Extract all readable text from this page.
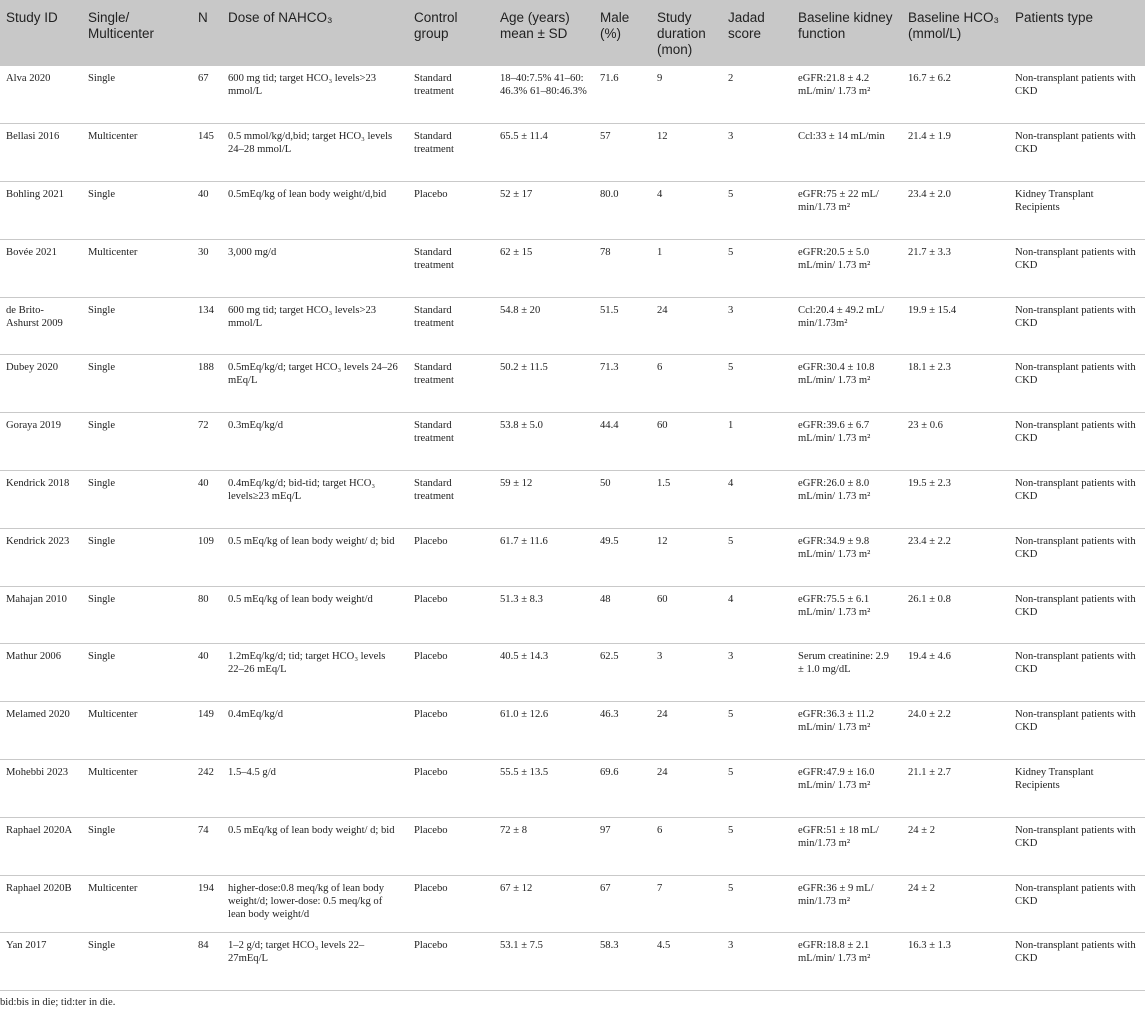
Study ID	Single/ Multicenter	N	Dose of NAHCO₃	Control group	Age (years) mean ± SD	Male (%)	Study duration (mon)	Jadad score	Baseline kidney function	Baseline HCO₃ (mmol/L)	Patients type
Alva 2020	Single	67	600 mg tid; target HCO₃ levels>23 mmol/L	Standard treatment	18–40:7.5% 41–60: 46.3% 61–80:46.3%	71.6	9	2	eGFR:21.8 ± 4.2 mL/min/ 1.73 m²	16.7 ± 6.2	Non-transplant patients with CKD
Bellasi 2016	Multicenter	145	0.5 mmol/kg/d,bid; target HCO₃ levels 24–28 mmol/L	Standard treatment	65.5 ± 11.4	57	12	3	Ccl:33 ± 14 mL/min	21.4 ± 1.9	Non-transplant patients with CKD
Bohling 2021	Single	40	0.5mEq/kg of lean body weight/d,bid	Placebo	52 ± 17	80.0	4	5	eGFR:75 ± 22 mL/ min/1.73 m²	23.4 ± 2.0	Kidney Transplant Recipients
Bovée 2021	Multicenter	30	3,000 mg/d	Standard treatment	62 ± 15	78	1	5	eGFR:20.5 ± 5.0 mL/min/ 1.73 m²	21.7 ± 3.3	Non-transplant patients with CKD
de Brito-Ashurst 2009	Single	134	600 mg tid; target HCO₃ levels>23 mmol/L	Standard treatment	54.8 ± 20	51.5	24	3	Ccl:20.4 ± 49.2 mL/ min/1.73m²	19.9 ± 15.4	Non-transplant patients with CKD
Dubey 2020	Single	188	0.5mEq/kg/d; target HCO₃ levels 24–26 mEq/L	Standard treatment	50.2 ± 11.5	71.3	6	5	eGFR:30.4 ± 10.8 mL/min/ 1.73 m²	18.1 ± 2.3	Non-transplant patients with CKD
Goraya 2019	Single	72	0.3mEq/kg/d	Standard treatment	53.8 ± 5.0	44.4	60	1	eGFR:39.6 ± 6.7 mL/min/ 1.73 m²	23 ± 0.6	Non-transplant patients with CKD
Kendrick 2018	Single	40	0.4mEq/kg/d; bid-tid; target HCO₃ levels≥23 mEq/L	Standard treatment	59 ± 12	50	1.5	4	eGFR:26.0 ± 8.0 mL/min/ 1.73 m²	19.5 ± 2.3	Non-transplant patients with CKD
Kendrick 2023	Single	109	0.5 mEq/kg of lean body weight/ d; bid	Placebo	61.7 ± 11.6	49.5	12	5	eGFR:34.9 ± 9.8 mL/min/ 1.73 m²	23.4 ± 2.2	Non-transplant patients with CKD
Mahajan 2010	Single	80	0.5 mEq/kg of lean body weight/d	Placebo	51.3 ± 8.3	48	60	4	eGFR:75.5 ± 6.1 mL/min/ 1.73 m²	26.1 ± 0.8	Non-transplant patients with CKD
Mathur 2006	Single	40	1.2mEq/kg/d; tid; target HCO₃ levels 22–26 mEq/L	Placebo	40.5 ± 14.3	62.5	3	3	Serum creatinine: 2.9 ± 1.0 mg/dL	19.4 ± 4.6	Non-transplant patients with CKD
Melamed 2020	Multicenter	149	0.4mEq/kg/d	Placebo	61.0 ± 12.6	46.3	24	5	eGFR:36.3 ± 11.2 mL/min/ 1.73 m²	24.0 ± 2.2	Non-transplant patients with CKD
Mohebbi 2023	Multicenter	242	1.5–4.5 g/d	Placebo	55.5 ± 13.5	69.6	24	5	eGFR:47.9 ± 16.0 mL/min/ 1.73 m²	21.1 ± 2.7	Kidney Transplant Recipients
Raphael 2020A	Single	74	0.5 mEq/kg of lean body weight/ d; bid	Placebo	72 ± 8	97	6	5	eGFR:51 ± 18 mL/ min/1.73 m²	24 ± 2	Non-transplant patients with CKD
Raphael 2020B	Multicenter	194	higher-dose:0.8 meq/kg of lean body weight/d; lower-dose: 0.5 meq/kg of lean body weight/d	Placebo	67 ± 12	67	7	5	eGFR:36 ± 9 mL/ min/1.73 m²	24 ± 2	Non-transplant patients with CKD
Yan 2017	Single	84	1–2 g/d; target HCO₃ levels 22–27mEq/L	Placebo	53.1 ± 7.5	58.3	4.5	3	eGFR:18.8 ± 2.1 mL/min/ 1.73 m²	16.3 ± 1.3	Non-transplant patients with CKD
bid:bis in die; tid:ter in die.
